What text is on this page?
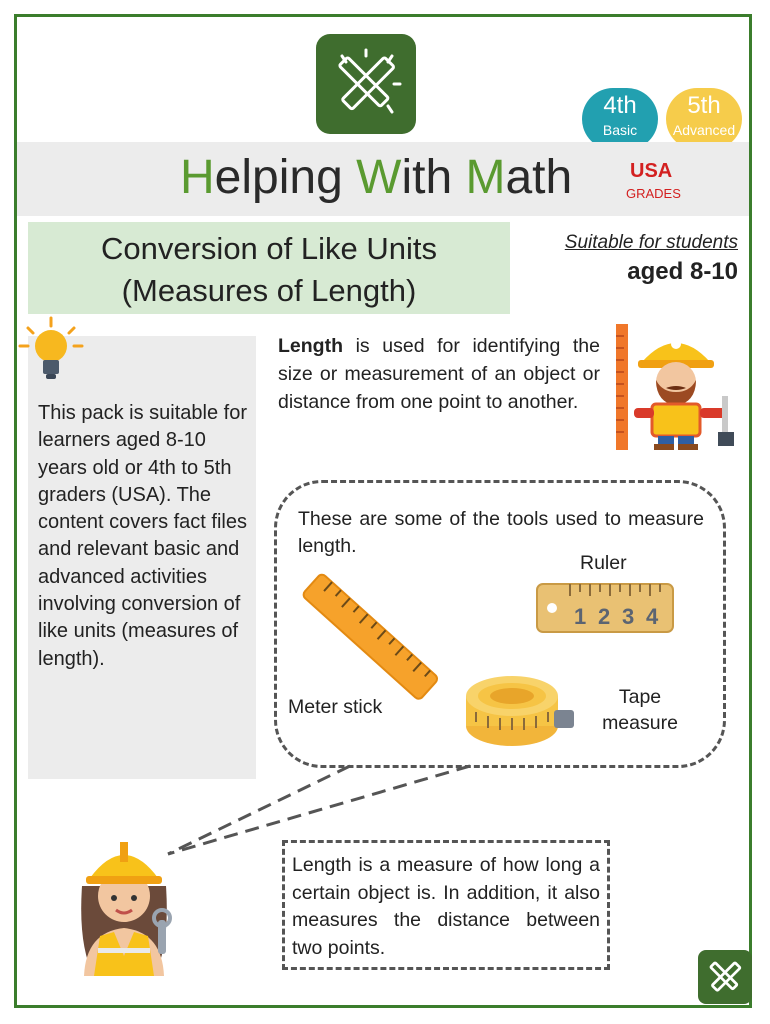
4th
Basic
5th
Advanced
Helping With Math	USA
GRADES
Conversion of Like Units
(Measures of Length)
Suitable for students
aged 8-10
This pack is suitable for learners aged 8-10 years old or 4th to 5th graders (USA). The content covers fact files and relevant basic and advanced activities involving conversion of like units (measures of length).
Length is used for identifying the size or measurement of an object or distance from one point to another.
These are some of the tools used to measure length.
Ruler
1 2 3 4
Meter stick	Tape
measure
Length is a measure of how long a certain object is. In addition, it also measures the distance between two points.
